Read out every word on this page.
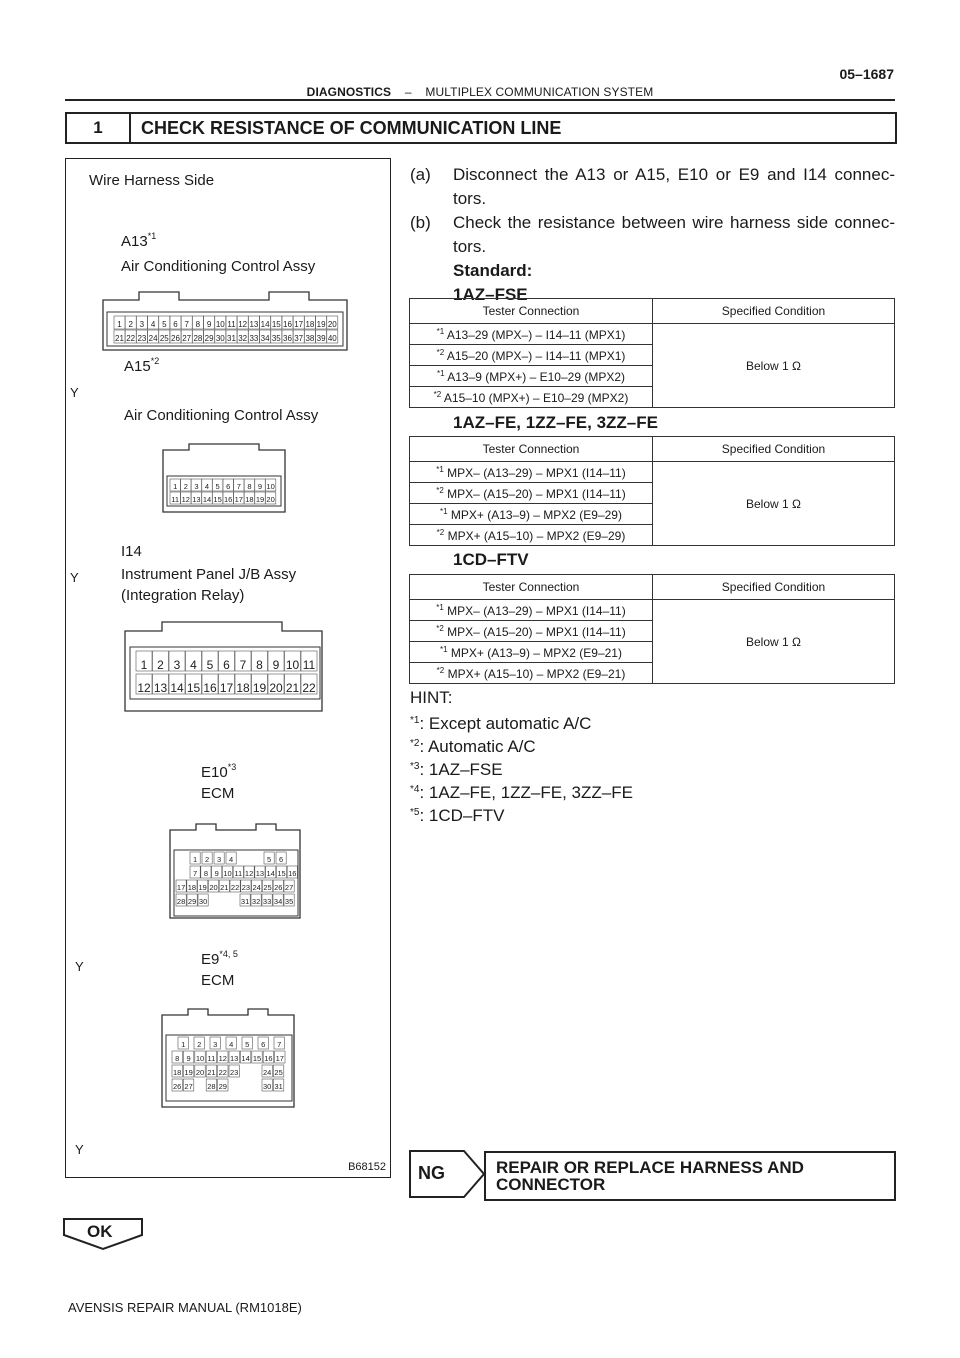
05–1687
DIAGNOSTICS – MULTIPLEX COMMUNICATION SYSTEM
1	CHECK RESISTANCE OF COMMUNICATION LINE
Wire Harness Side
A13$^{*1}$
Air Conditioning Control Assy
1 2 3 4 5 6 7 8 9 10 11 12 13 14 15 16 17 18 19 20
21 22 23 24 25 26 27 28 29 30 31 32 33 34 35 36 37 38 39 40
A15$^{*2}$
Air Conditioning Control Assy
1 2 3 4 5 6 7 8 9 10
11 12 13 14 15 16 17 18 19 20
Y
I14
Instrument Panel J/B Assy
(Integration Relay)
Y
1 2 3 4 5 6 7 8 9 10 11
12 13 14 15 16 17 18 19 20 21 22
E10$^{*3}$
ECM
1 2 3 4	5 6
7 8 9 10 11 12 13 14 15 16
17 18 19 20 21 22 23 24 25 26 27
28 29 30	31 32 33 34 35
Y	E9$^{*4, 5}$
ECM
1 2 3 4 5 6 7
8 9 10 11 12 13 14 15 16 17
18 19 20 21 22 23	24 25
26 27 28 29	30 31
Y
B68152
(a) Disconnect the A13 or A15, E10 or E9 and I14 connec-
tors.
(b) Check the resistance between wire harness side connec-
tors.
Standard:
1AZ–FSE
Tester Connection	Specified Condition
$^{*1}$ A13–29 (MPX–) – I14–11 (MPX1)	Below 1 Ω
$^{*2}$ A15–20 (MPX–) – I14–11 (MPX1)	
$^{*1}$ A13–9 (MPX+) – E10–29 (MPX2)	
$^{*2}$ A15–10 (MPX+) – E10–29 (MPX2)	
1AZ–FE, 1ZZ–FE, 3ZZ–FE
Tester Connection	Specified Condition
$^{*1}$ MPX– (A13–29) – MPX1 (I14–11)	Below 1 Ω
$^{*2}$ MPX– (A15–20) – MPX1 (I14–11)	
$^{*1}$ MPX+ (A13–9) – MPX2 (E9–29)	
$^{*2}$ MPX+ (A15–10) – MPX2 (E9–29)	
1CD–FTV
Tester Connection	Specified Condition
$^{*1}$ MPX– (A13–29) – MPX1 (I14–11)	Below 1 Ω
$^{*2}$ MPX– (A15–20) – MPX1 (I14–11)	
$^{*1}$ MPX+ (A13–9) – MPX2 (E9–21)	
$^{*2}$ MPX+ (A15–10) – MPX2 (E9–21)	
HINT:
$^{*1}$: Except automatic A/C
$^{*2}$: Automatic A/C
$^{*3}$: 1AZ–FSE
$^{*4}$: 1AZ–FE, 1ZZ–FE, 3ZZ–FE
$^{*5}$: 1CD–FTV
NG	REPAIR OR REPLACE HARNESS AND
CONNECTOR
OK
AVENSIS REPAIR MANUAL (RM1018E)
